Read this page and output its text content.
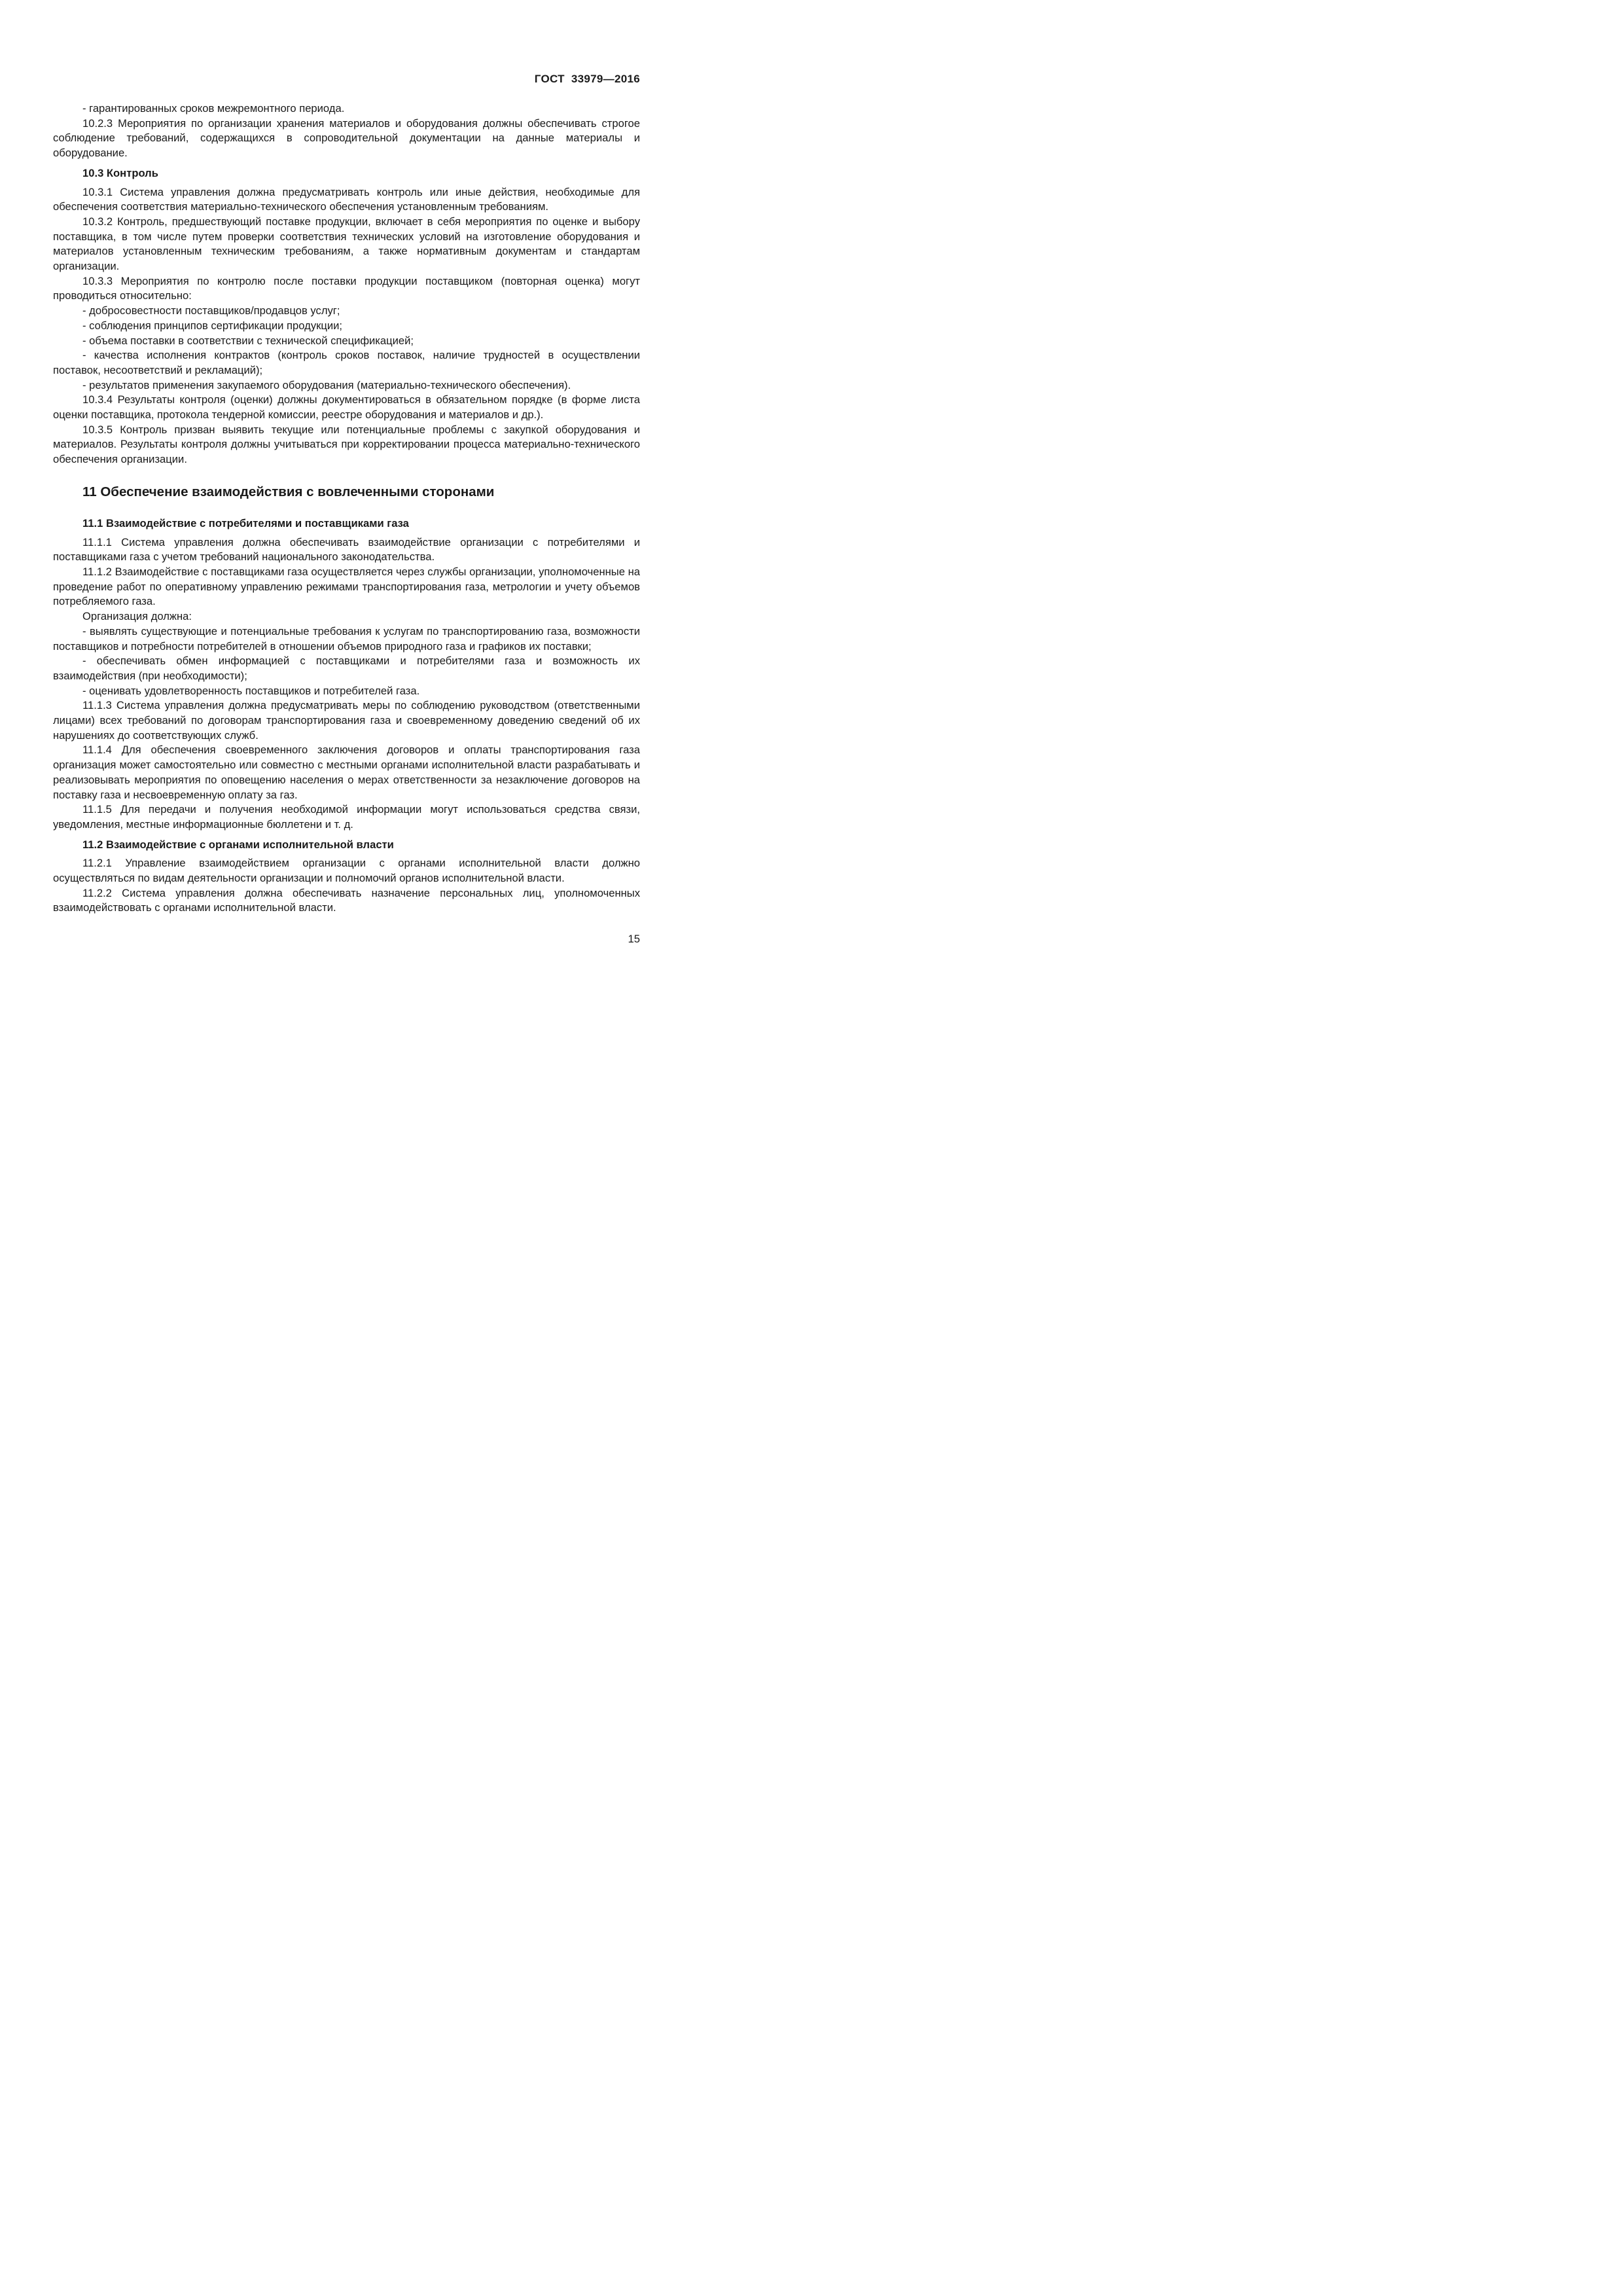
ГОСТ 33979—2016

- гарантированных сроков межремонтного периода.

10.2.3 Мероприятия по организации хранения материалов и оборудования должны обеспечивать строгое соблюдение требований, содержащихся в сопроводительной документации на данные материалы и оборудование.

10.3 Контроль

10.3.1 Система управления должна предусматривать контроль или иные действия, необходимые для обеспечения соответствия материально-технического обеспечения установленным требованиям.

10.3.2 Контроль, предшествующий поставке продукции, включает в себя мероприятия по оценке и выбору поставщика, в том числе путем проверки соответствия технических условий на изготовление оборудования и материалов установленным техническим требованиям, а также нормативным документам и стандартам организации.

10.3.3 Мероприятия по контролю после поставки продукции поставщиком (повторная оценка) могут проводиться относительно:

- добросовестности поставщиков/продавцов услуг;

- соблюдения принципов сертификации продукции;

- объема поставки в соответствии с технической спецификацией;

- качества исполнения контрактов (контроль сроков поставок, наличие трудностей в осуществлении поставок, несоответствий и рекламаций);

- результатов применения закупаемого оборудования (материально-технического обеспечения).

10.3.4 Результаты контроля (оценки) должны документироваться в обязательном порядке (в форме листа оценки поставщика, протокола тендерной комиссии, реестре оборудования и материалов и др.).

10.3.5 Контроль призван выявить текущие или потенциальные проблемы с закупкой оборудования и материалов. Результаты контроля должны учитываться при корректировании процесса материально-технического обеспечения организации.

11 Обеспечение взаимодействия с вовлеченными сторонами
11.1 Взаимодействие с потребителями и поставщиками газа

11.1.1 Система управления должна обеспечивать взаимодействие организации с потребителями и поставщиками газа с учетом требований национального законодательства.

11.1.2 Взаимодействие с поставщиками газа осуществляется через службы организации, уполномоченные на проведение работ по оперативному управлению режимами транспортирования газа, метрологии и учету объемов потребляемого газа.

Организация должна:

- выявлять существующие и потенциальные требования к услугам по транспортированию газа, возможности поставщиков и потребности потребителей в отношении объемов природного газа и графиков их поставки;

- обеспечивать обмен информацией с поставщиками и потребителями газа и возможность их взаимодействия (при необходимости);

- оценивать удовлетворенность поставщиков и потребителей газа.

11.1.3 Система управления должна предусматривать меры по соблюдению руководством (ответственными лицами) всех требований по договорам транспортирования газа и своевременному доведению сведений об их нарушениях до соответствующих служб.

11.1.4 Для обеспечения своевременного заключения договоров и оплаты транспортирования газа организация может самостоятельно или совместно с местными органами исполнительной власти разрабатывать и реализовывать мероприятия по оповещению населения о мерах ответственности за незаключение договоров на поставку газа и несвоевременную оплату за газ.

11.1.5 Для передачи и получения необходимой информации могут использоваться средства связи, уведомления, местные информационные бюллетени и т. д.

11.2 Взаимодействие с органами исполнительной власти

11.2.1 Управление взаимодействием организации с органами исполнительной власти должно осуществляться по видам деятельности организации и полномочий органов исполнительной власти.

11.2.2 Система управления должна обеспечивать назначение персональных лиц, уполномоченных взаимодействовать с органами исполнительной власти.

15
